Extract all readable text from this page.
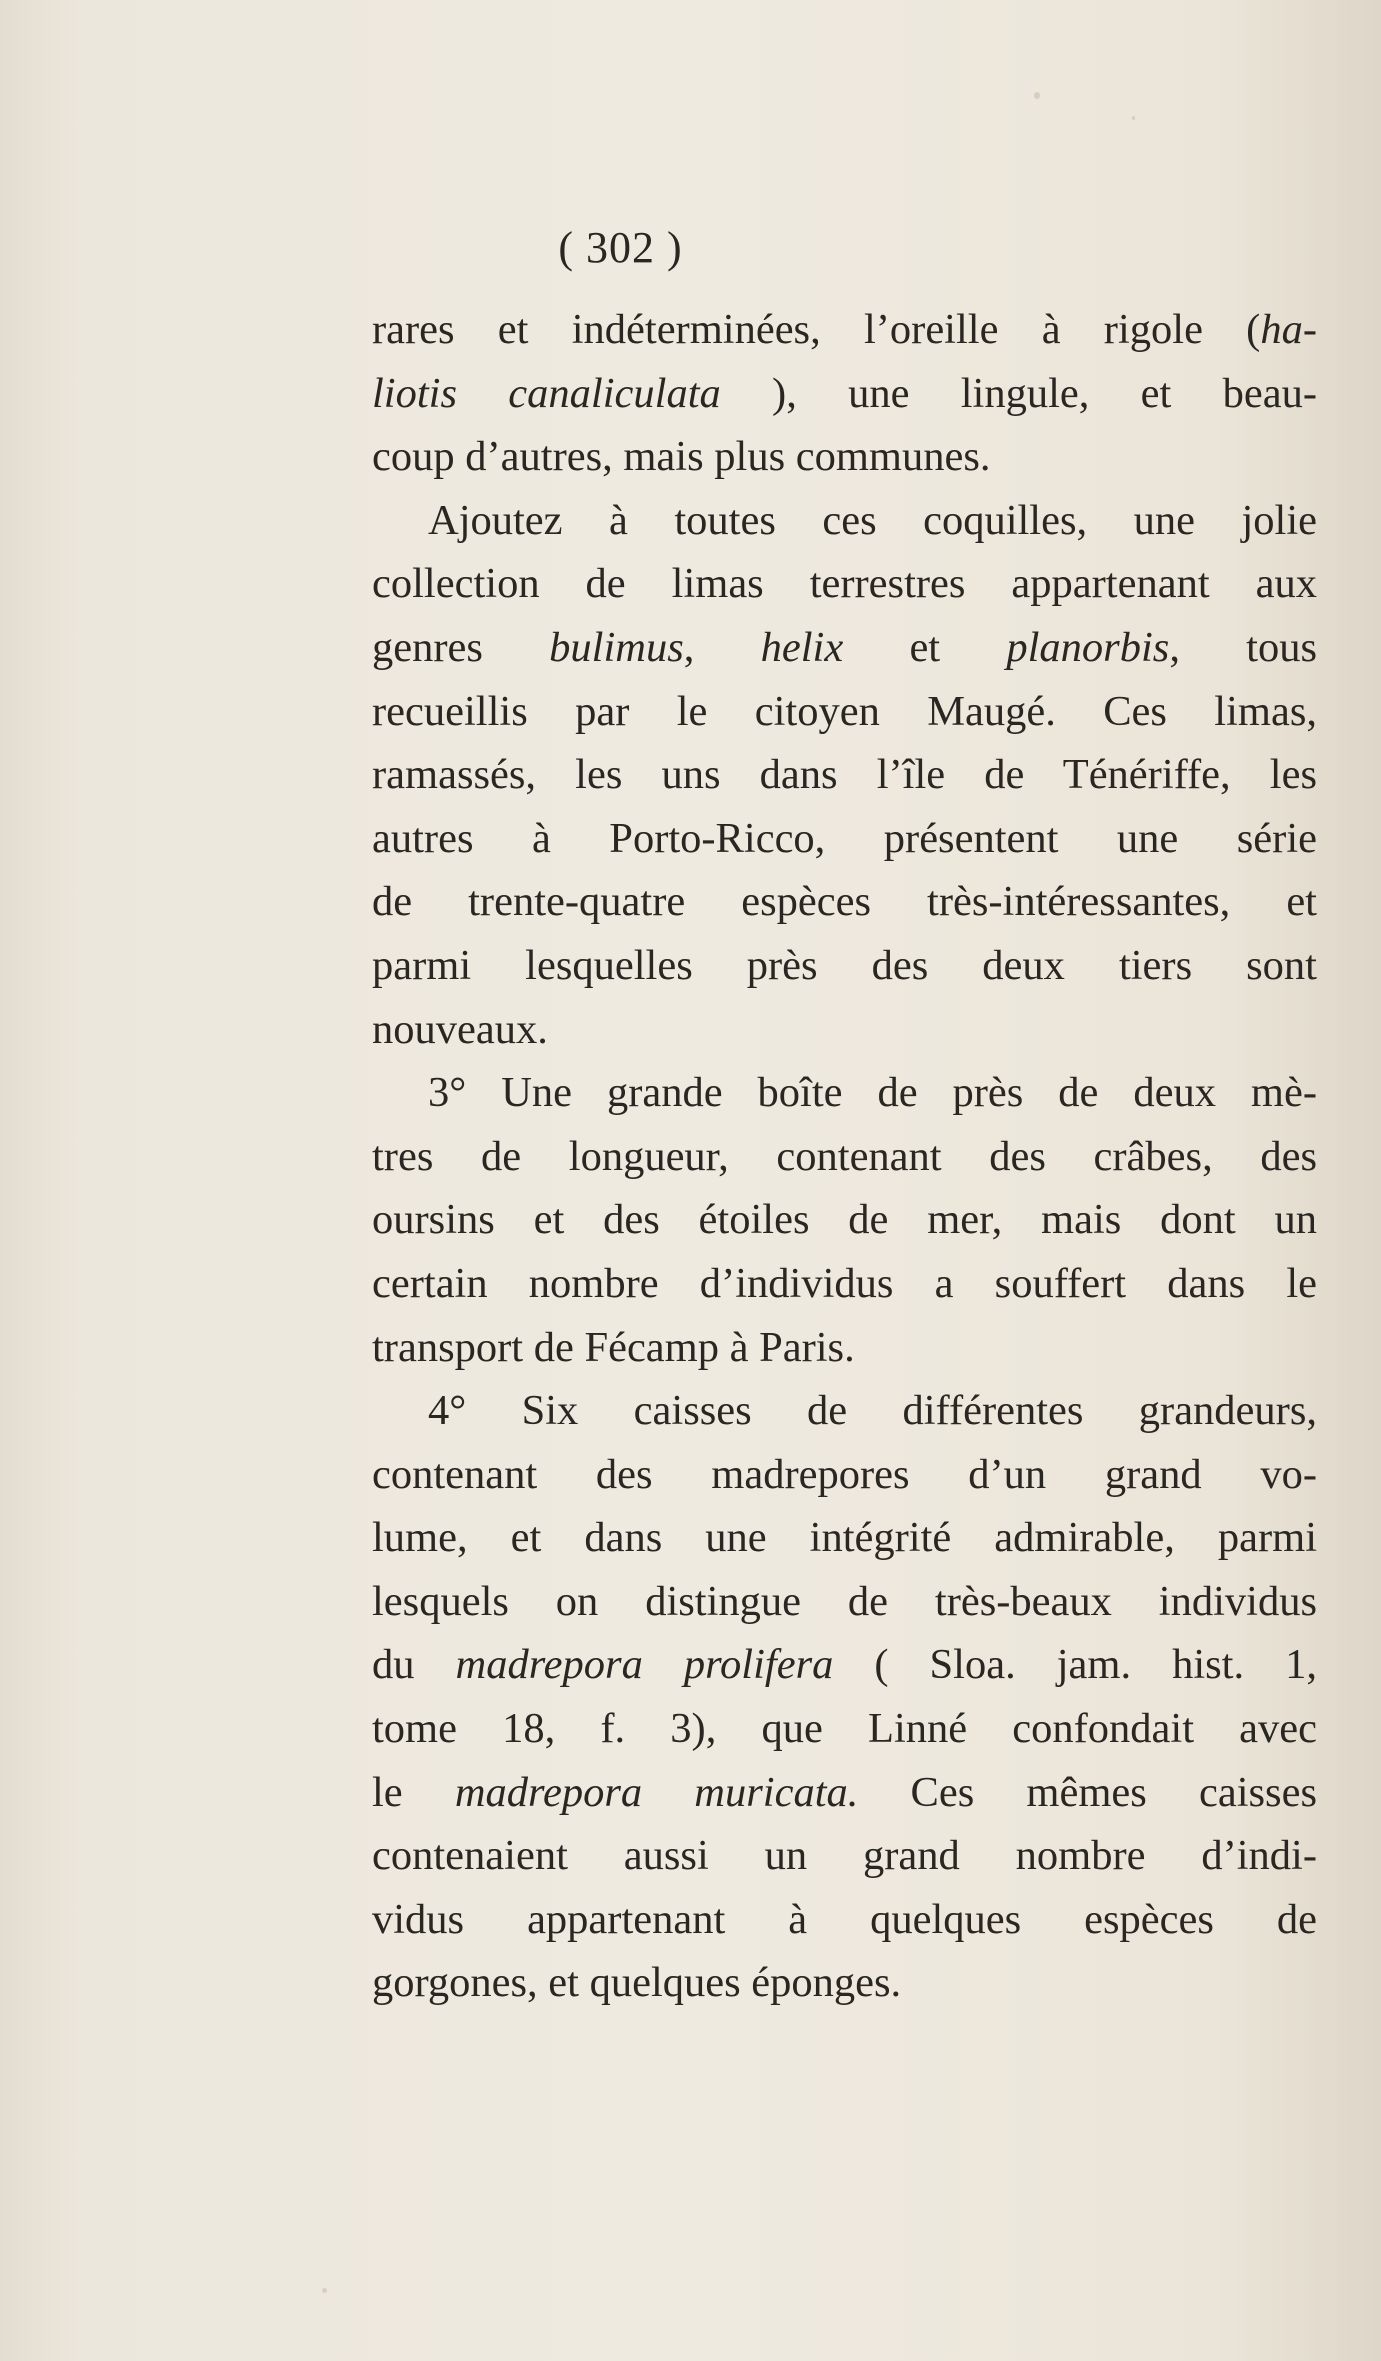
( 302 )
rares et indéterminées, l’oreille à rigole (ha-
liotis canaliculata ), une lingule, et beau-
coup d’autres, mais plus communes.
Ajoutez à toutes ces coquilles, une jolie
collection de limas terrestres appartenant aux
genres bulimus, helix et planorbis, tous
recueillis par le citoyen Maugé. Ces limas,
ramassés, les uns dans l’île de Ténériffe, les
autres à Porto-Ricco, présentent une série
de trente-quatre espèces très-intéressantes, et
parmi lesquelles près des deux tiers sont
nouveaux.
3° Une grande boîte de près de deux mè-
tres de longueur, contenant des crâbes, des
oursins et des étoiles de mer, mais dont un
certain nombre d’individus a souffert dans le
transport de Fécamp à Paris.
4° Six caisses de différentes grandeurs,
contenant des madrepores d’un grand vo-
lume, et dans une intégrité admirable, parmi
lesquels on distingue de très-beaux individus
du madrepora prolifera ( Sloa. jam. hist. 1,
tome 18, f. 3), que Linné confondait avec
le madrepora muricata. Ces mêmes caisses
contenaient aussi un grand nombre d’indi-
vidus appartenant à quelques espèces de
gorgones, et quelques éponges.
